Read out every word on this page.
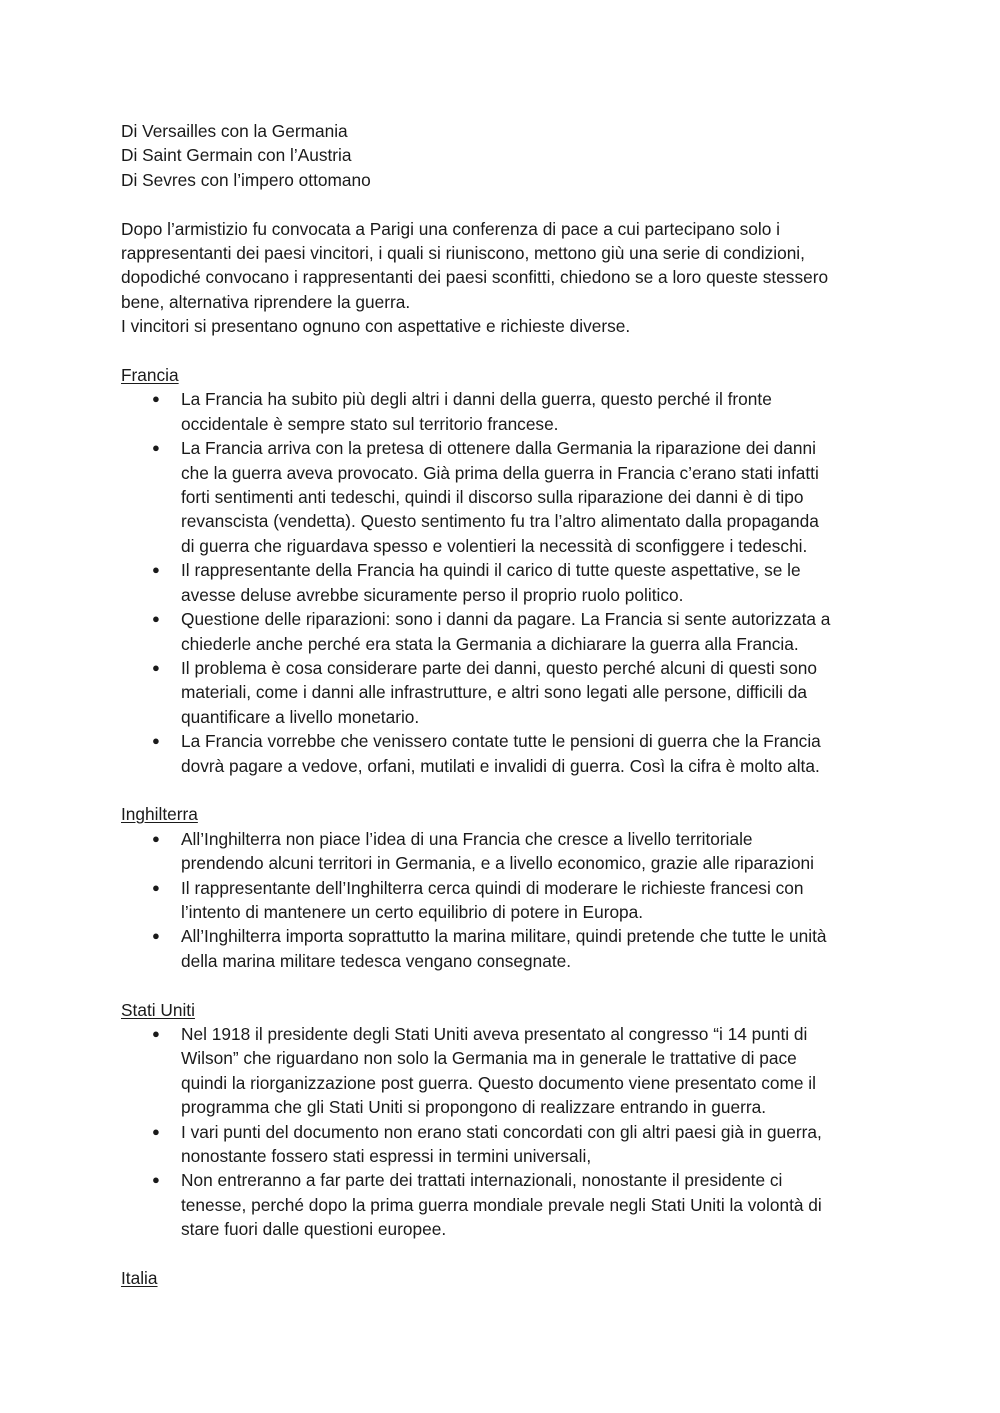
Di Versailles con la Germania
Di Saint Germain con l’Austria
Di Sevres con l’impero ottomano
Dopo l’armistizio fu convocata a Parigi una conferenza di pace a cui partecipano solo i
rappresentanti dei paesi vincitori, i quali si riuniscono, mettono giù una serie di condizioni,
dopodiché convocano i rappresentanti dei paesi sconfitti, chiedono se a loro queste stessero
bene, alternativa riprendere la guerra.
I vincitori si presentano ognuno con aspettative e richieste diverse.
Francia
● La Francia ha subito più degli altri i danni della guerra, questo perché il fronte
occidentale è sempre stato sul territorio francese.
● La Francia arriva con la pretesa di ottenere dalla Germania la riparazione dei danni
che la guerra aveva provocato. Già prima della guerra in Francia c’erano stati infatti
forti sentimenti anti tedeschi, quindi il discorso sulla riparazione dei danni è di tipo
revanscista (vendetta). Questo sentimento fu tra l’altro alimentato dalla propaganda
di guerra che riguardava spesso e volentieri la necessità di sconfiggere i tedeschi.
● Il rappresentante della Francia ha quindi il carico di tutte queste aspettative, se le
avesse deluse avrebbe sicuramente perso il proprio ruolo politico.
● Questione delle riparazioni: sono i danni da pagare. La Francia si sente autorizzata a
chiederle anche perché era stata la Germania a dichiarare la guerra alla Francia.
● Il problema è cosa considerare parte dei danni, questo perché alcuni di questi sono
materiali, come i danni alle infrastrutture, e altri sono legati alle persone, difficili da
quantificare a livello monetario.
● La Francia vorrebbe che venissero contate tutte le pensioni di guerra che la Francia
dovrà pagare a vedove, orfani, mutilati e invalidi di guerra. Così la cifra è molto alta.
Inghilterra
● All’Inghilterra non piace l’idea di una Francia che cresce a livello territoriale
prendendo alcuni territori in Germania, e a livello economico, grazie alle riparazioni
● Il rappresentante dell’Inghilterra cerca quindi di moderare le richieste francesi con
l’intento di mantenere un certo equilibrio di potere in Europa.
● All’Inghilterra importa soprattutto la marina militare, quindi pretende che tutte le unità
della marina militare tedesca vengano consegnate.
Stati Uniti
● Nel 1918 il presidente degli Stati Uniti aveva presentato al congresso “i 14 punti di
Wilson” che riguardano non solo la Germania ma in generale le trattative di pace
quindi la riorganizzazione post guerra. Questo documento viene presentato come il
programma che gli Stati Uniti si propongono di realizzare entrando in guerra.
● I vari punti del documento non erano stati concordati con gli altri paesi già in guerra,
nonostante fossero stati espressi in termini universali,
● Non entreranno a far parte dei trattati internazionali, nonostante il presidente ci
tenesse, perché dopo la prima guerra mondiale prevale negli Stati Uniti la volontà di
stare fuori dalle questioni europee.
Italia
